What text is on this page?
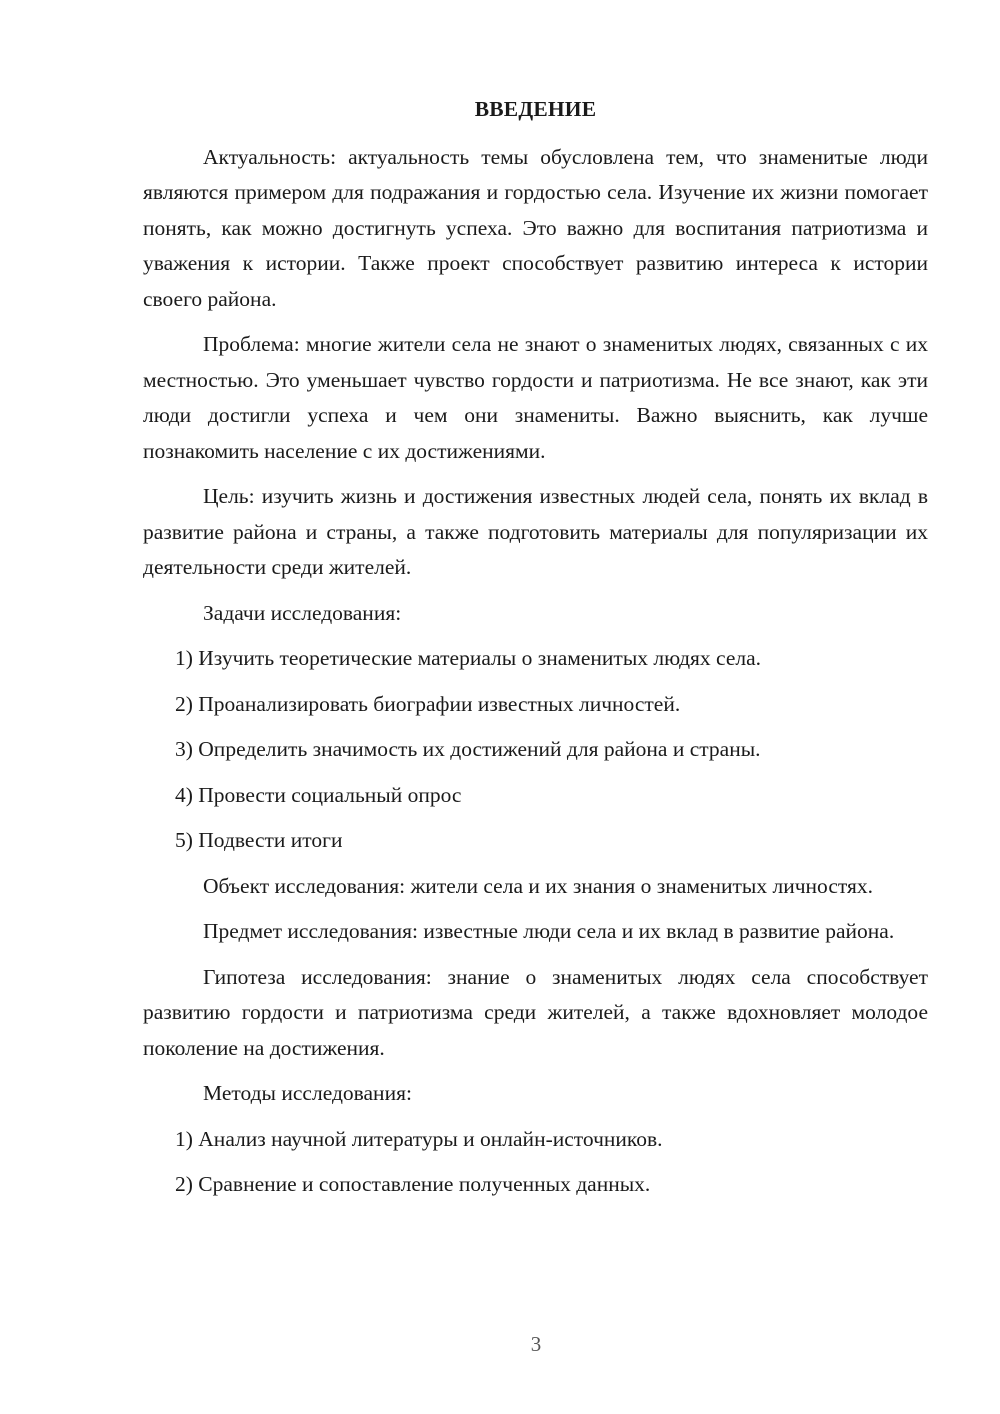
ВВЕДЕНИЕ

Актуальность: актуальность темы обусловлена тем, что знаменитые люди являются примером для подражания и гордостью села. Изучение их жизни помогает понять, как можно достигнуть успеха. Это важно для воспитания патриотизма и уважения к истории. Также проект способствует развитию интереса к истории своего района.

Проблема: многие жители села не знают о знаменитых людях, связанных с их местностью. Это уменьшает чувство гордости и патриотизма. Не все знают, как эти люди достигли успеха и чем они знамениты. Важно выяснить, как лучше познакомить население с их достижениями.

Цель: изучить жизнь и достижения известных людей села, понять их вклад в развитие района и страны, а также подготовить материалы для популяризации их деятельности среди жителей.

Задачи исследования:

1) Изучить теоретические материалы о знаменитых людях села.
2) Проанализировать биографии известных личностей.
3) Определить значимость их достижений для района и страны.
4) Провести социальный опрос
5) Подвести итоги

Объект исследования: жители села и их знания о знаменитых личностях.

Предмет исследования: известные люди села и их вклад в развитие района.

Гипотеза исследования: знание о знаменитых людях села способствует развитию гордости и патриотизма среди жителей, а также вдохновляет молодое поколение на достижения.

Методы исследования:

1) Анализ научной литературы и онлайн-источников.
2) Сравнение и сопоставление полученных данных.
3
